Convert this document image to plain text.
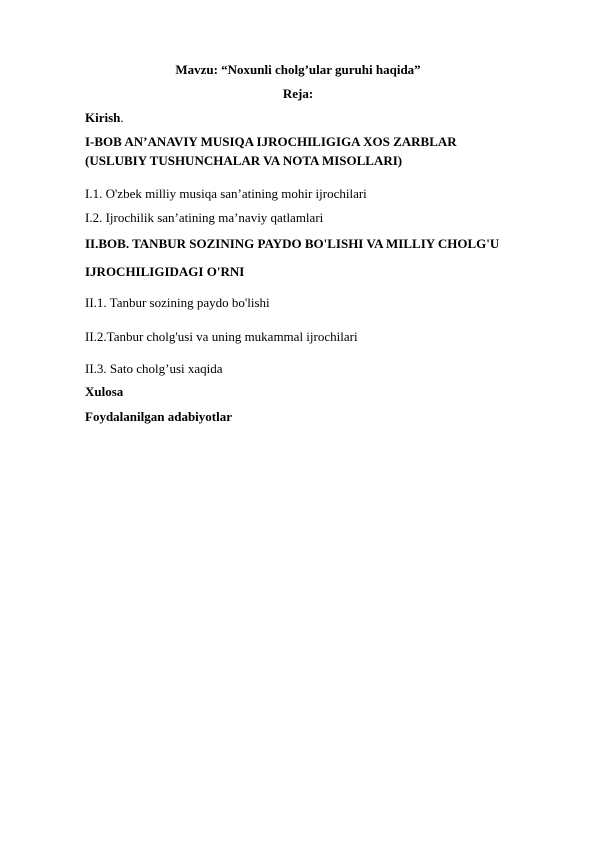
Mavzu: “Noxunli cholg’ular guruhi haqida”
Reja:
Kirish.
I-BOB AN’ANAVIY MUSIQA IJROCHILIGIGA XOS ZARBLAR
(USLUBIY TUSHUNCHALAR VA NOTA MISOLLARI)
I.1. O'zbek milliy musiqa san’atining mohir ijrochilari
I.2. Ijrochilik san’atining ma’naviy qatlamlari
II.BOB. TANBUR SOZINING PAYDO BO'LISHI VA MILLIY CHOLG'U
IJROCHILIGIDAGI O'RNI
II.1. Tanbur sozining paydo bo'lishi
II.2.Tanbur cholg'usi va uning mukammal ijrochilari
II.3. Sato cholg’usi xaqida
Xulosa
Foydalanilgan adabiyotlar
